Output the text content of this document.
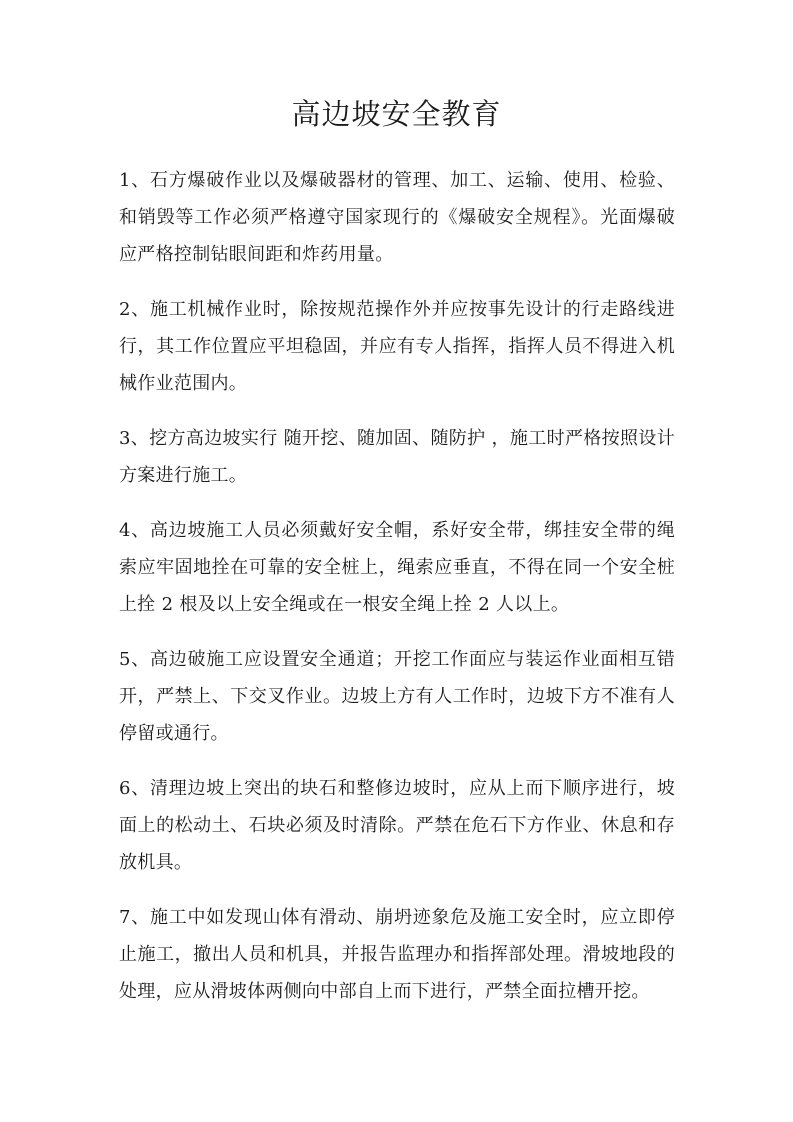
高边坡安全教育

1、石方爆破作业以及爆破器材的管理、加工、运输、使用、检验、和销毁等工作必须严格遵守国家现行的《爆破安全规程》。光面爆破应严格控制钻眼间距和炸药用量。

2、施工机械作业时，除按规范操作外并应按事先设计的行走路线进行，其工作位置应平坦稳固，并应有专人指挥，指挥人员不得进入机械作业范围内。

3、挖方高边坡实行 随开挖、随加固、随防护 ，施工时严格按照设计方案进行施工。

4、高边坡施工人员必须戴好安全帽，系好安全带，绑挂安全带的绳索应牢固地拴在可靠的安全桩上，绳索应垂直，不得在同一个安全桩上拴 2 根及以上安全绳或在一根安全绳上拴 2 人以上。

5、高边破施工应设置安全通道；开挖工作面应与装运作业面相互错开，严禁上、下交叉作业。边坡上方有人工作时，边坡下方不准有人停留或通行。

6、清理边坡上突出的块石和整修边坡时，应从上而下顺序进行，坡面上的松动土、石块必须及时清除。严禁在危石下方作业、休息和存放机具。

7、施工中如发现山体有滑动、崩坍迹象危及施工安全时，应立即停止施工，撤出人员和机具，并报告监理办和指挥部处理。滑坡地段的处理，应从滑坡体两侧向中部自上而下进行，严禁全面拉槽开挖。
